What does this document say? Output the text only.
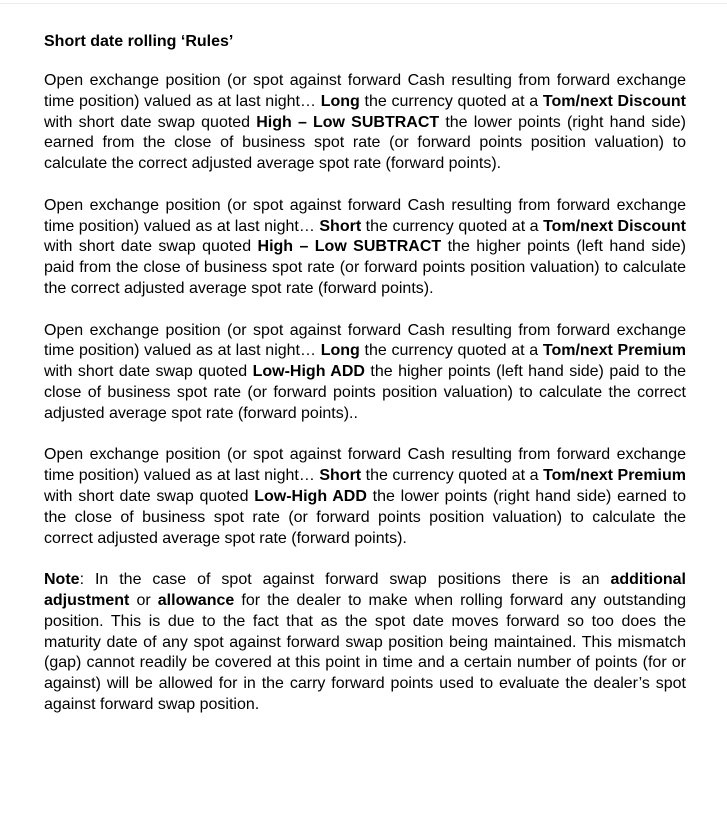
Short date rolling ‘Rules’

Open exchange position (or spot against forward Cash resulting from forward exchange time position) valued as at last night… Long the currency quoted at a Tom/next Discount with short date swap quoted High – Low SUBTRACT the lower points (right hand side) earned from the close of business spot rate (or forward points position valuation) to calculate the correct adjusted average spot rate (forward points).

Open exchange position (or spot against forward Cash resulting from forward exchange time position) valued as at last night… Short the currency quoted at a Tom/next Discount with short date swap quoted High – Low SUBTRACT the higher points (left hand side) paid from the close of business spot rate (or forward points position valuation) to calculate the correct adjusted average spot rate (forward points).

Open exchange position (or spot against forward Cash resulting from forward exchange time position) valued as at last night… Long the currency quoted at a Tom/next Premium with short date swap quoted Low-High ADD the higher points (left hand side) paid to the close of business spot rate (or forward points position valuation) to calculate the correct adjusted average spot rate (forward points)..

Open exchange position (or spot against forward Cash resulting from forward exchange time position) valued as at last night… Short the currency quoted at a Tom/next Premium with short date swap quoted Low-High ADD the lower points (right hand side) earned to the close of business spot rate (or forward points position valuation) to calculate the correct adjusted average spot rate (forward points).

Note: In the case of spot against forward swap positions there is an additional adjustment or allowance for the dealer to make when rolling forward any outstanding position. This is due to the fact that as the spot date moves forward so too does the maturity date of any spot against forward swap position being maintained. This mismatch (gap) cannot readily be covered at this point in time and a certain number of points (for or against) will be allowed for in the carry forward points used to evaluate the dealer’s spot against forward swap position.
